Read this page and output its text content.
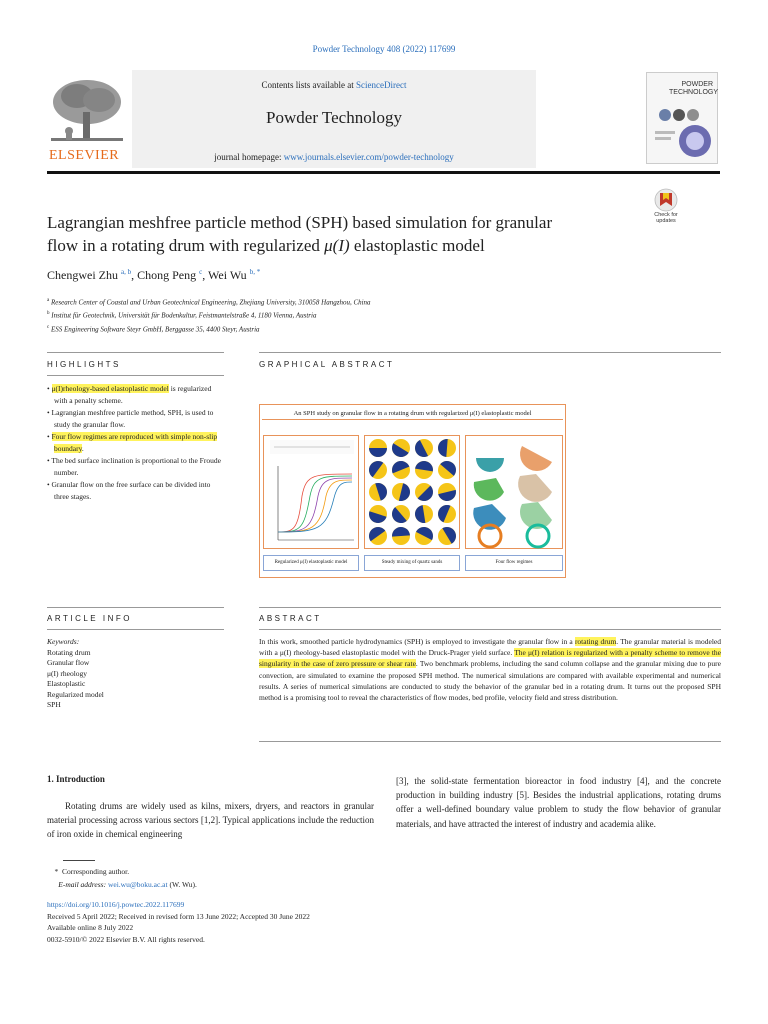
Powder Technology 408 (2022) 117699
ELSEVIER
Contents lists available at ScienceDirect
Powder Technology
journal homepage: www.journals.elsevier.com/powder-technology
POWDER TECHNOLOGY
Check for updates
Lagrangian meshfree particle method (SPH) based simulation for granular
flow in a rotating drum with regularized μ(I) elastoplastic model
Chengwei Zhu $^{a, b}$, Chong Peng $^c$, Wei Wu $^{b, *}$
$^a$ Research Center of Coastal and Urban Geotechnical Engineering, Zhejiang University, 310058 Hangzhou, China
$^b$ Institut für Geotechnik, Universität für Bodenkultur, Feistmantelstraße 4, 1180 Vienna, Austria
$^c$ ESS Engineering Software Steyr GmbH, Berggasse 35, 4400 Steyr, Austria
HIGHLIGHTS	GRAPHICAL ABSTRACT
• μ(I)rheology-based elastoplastic model is regularized with a penalty scheme.
• Lagrangian meshfree particle method, SPH, is used to study the granular flow.
• Four flow regimes are reproduced with simple non-slip boundary.
• The bed surface inclination is proportional to the Froude number.
• Granular flow on the free surface can be divided into three stages.
An SPH study on granular flow in a rotating drum with regularized μ(I) elastoplastic model
Regularized μ(I) elastoplastic model	Steady mixing of quartz sands	Four flow regimes
ARTICLE INFO	ABSTRACT
Keywords:
Rotating drum
Granular flow
μ(I) rheology
Elastoplastic
Regularized model
SPH
In this work, smoothed particle hydrodynamics (SPH) is employed to investigate the granular flow in a rotating drum. The granular material is modeled with a μ(I) rheology-based elastoplastic model with the Druck-Prager yield surface. The μ(I) relation is regularized with a penalty scheme to remove the singularity in the case of zero pressure or shear rate. Two benchmark problems, including the sand column collapse and the granular mixing due to pure convection, are simulated to examine the proposed SPH method. The numerical simulations are compared with available experimental and numerical results. A series of numerical simulations are conducted to study the behavior of the granular bed in a rotating drum. It turns out the proposed SPH method is a promising tool to reveal the characteristics of flow modes, bed profile, velocity field and stress distribution.
1. Introduction
Rotating drums are widely used as kilns, mixers, dryers, and reactors in granular material processing across various sectors [1,2]. Typical applications include the reduction of iron oxide in chemical engineering
[3], the solid-state fermentation bioreactor in food industry [4], and the concrete production in building industry [5]. Besides the industrial applications, rotating drums offer a well-defined boundary value problem to study the flow behavior of granular materials, and have attracted the interest of industry and academia alike.
*  Corresponding author.
E-mail address: wei.wu@boku.ac.at (W. Wu).
https://doi.org/10.1016/j.powtec.2022.117699
Received 5 April 2022; Received in revised form 13 June 2022; Accepted 30 June 2022
Available online 8 July 2022
0032-5910/© 2022 Elsevier B.V. All rights reserved.
